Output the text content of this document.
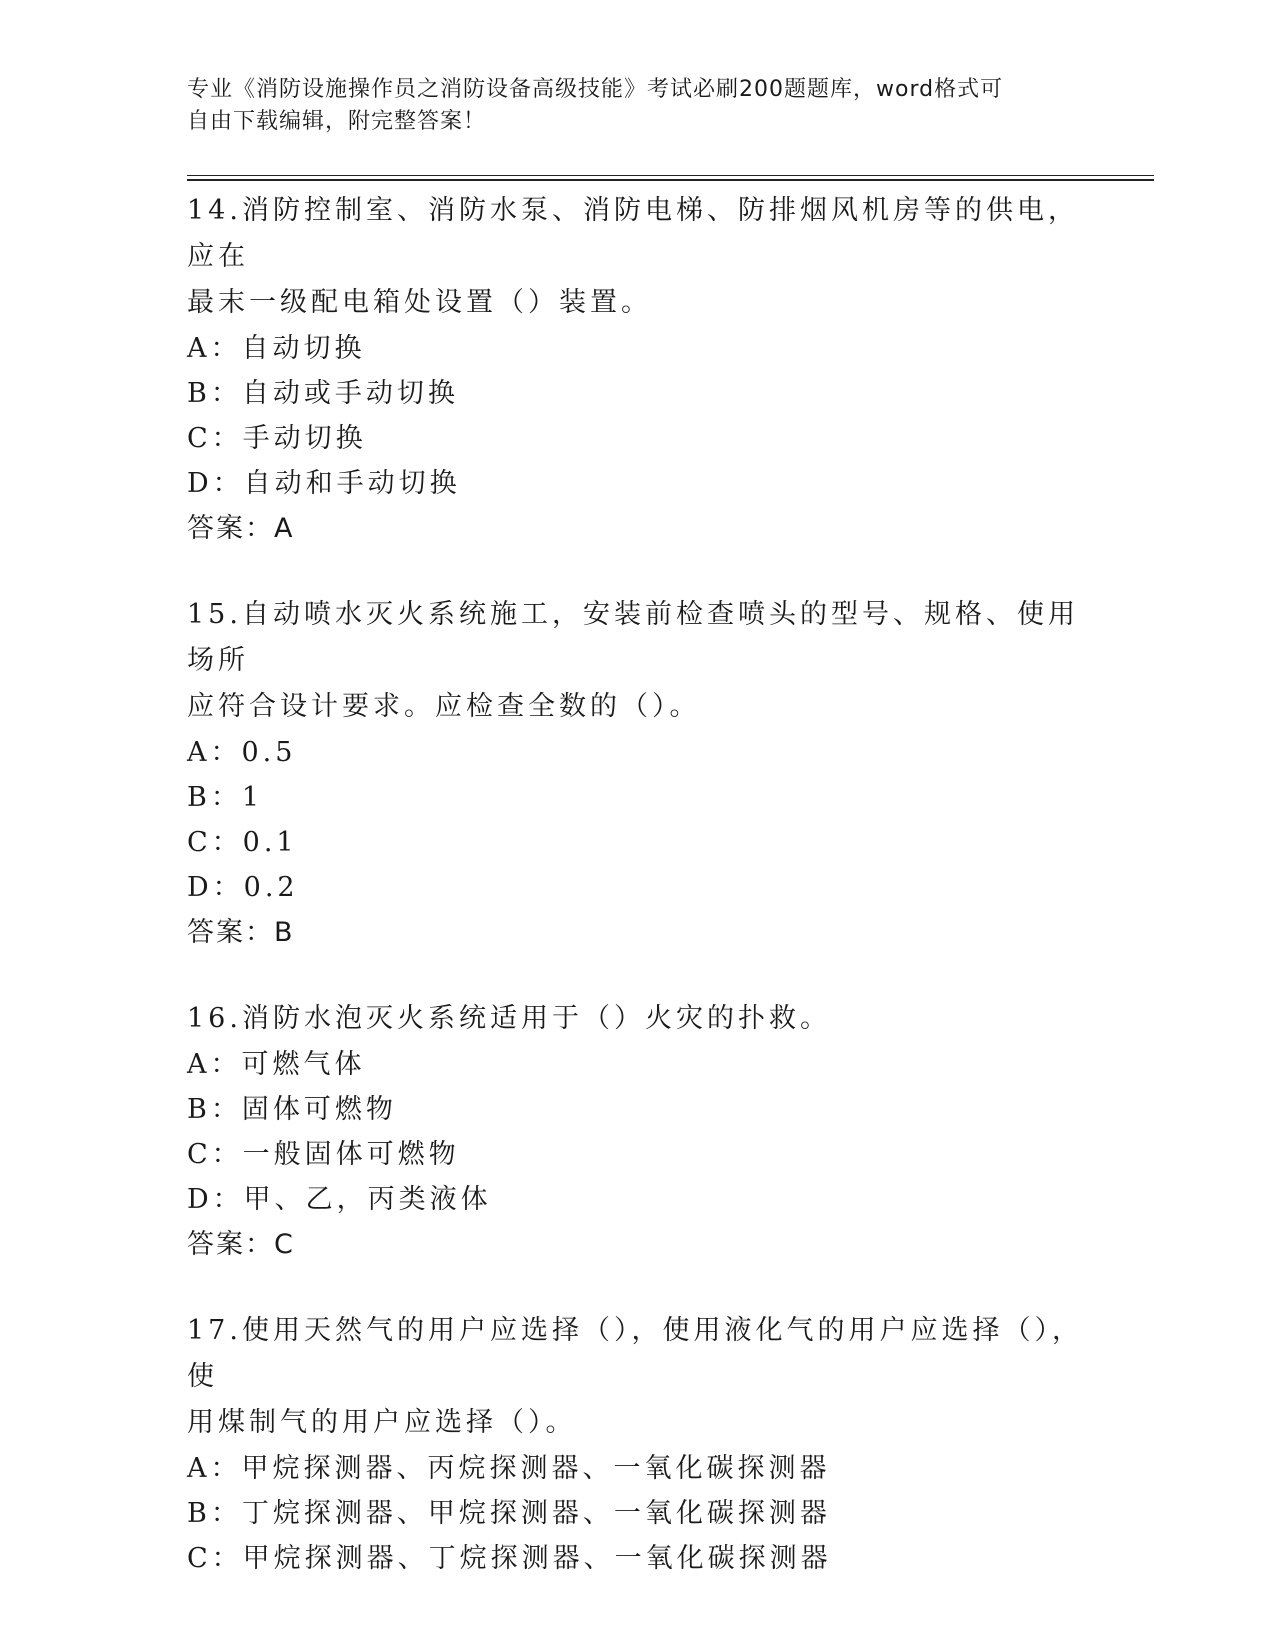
专业《消防设施操作员之消防设备高级技能》考试必刷200题题库，word格式可
自由下载编辑，附完整答案！

14.消防控制室、消防水泵、消防电梯、防排烟风机房等的供电，应在

最末一级配电箱处设置（）装置。

A：自动切换

B：自动或手动切换

C：手动切换

D：自动和手动切换

答案：A

15.自动喷水灭火系统施工，安装前检查喷头的型号、规格、使用场所

应符合设计要求。应检查全数的（）。

A：0.5

B：1

C：0.1

D：0.2

答案：B

16.消防水泡灭火系统适用于（）火灾的扑救。

A：可燃气体

B：固体可燃物

C：一般固体可燃物

D：甲、乙，丙类液体

答案：C

17.使用天然气的用户应选择（），使用液化气的用户应选择（），使

用煤制气的用户应选择（）。

A：甲烷探测器、丙烷探测器、一氧化碳探测器

B：丁烷探测器、甲烷探测器、一氧化碳探测器

C：甲烷探测器、丁烷探测器、一氧化碳探测器
